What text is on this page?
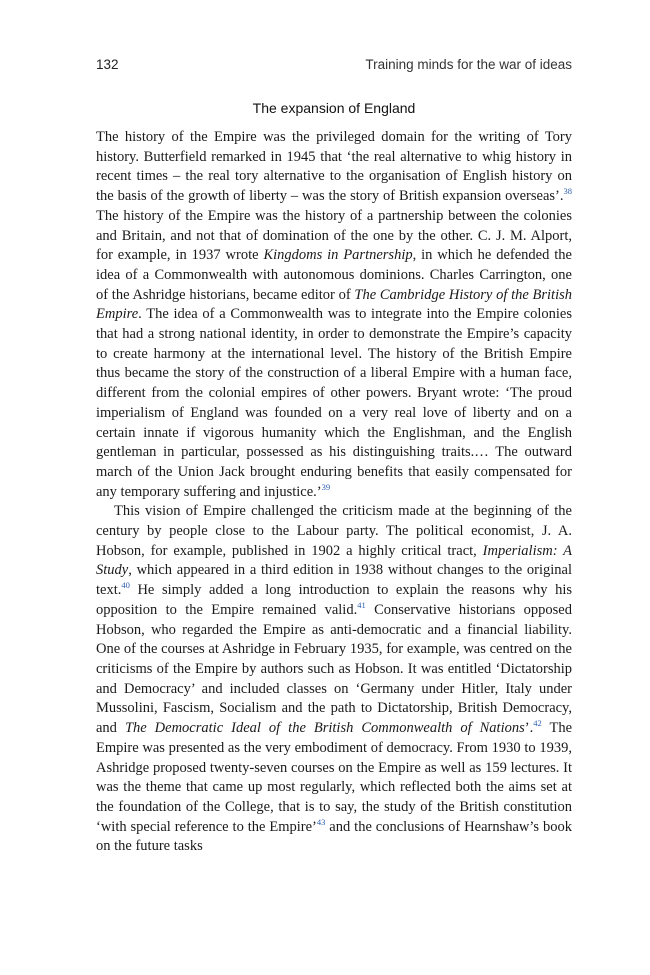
132	Training minds for the war of ideas
The expansion of England

The history of the Empire was the privileged domain for the writing of Tory history. Butterfield remarked in 1945 that ‘the real alternative to whig history in recent times – the real tory alternative to the organisation of English history on the basis of the growth of liberty – was the story of British expansion overseas’.$^{38}$ The history of the Empire was the history of a partnership between the colonies and Britain, and not that of domination of the one by the other. C. J. M. Alport, for example, in 1937 wrote Kingdoms in Partnership, in which he defended the idea of a Commonwealth with autonomous dominions. Charles Carrington, one of the Ashridge historians, became editor of The Cambridge History of the British Empire. The idea of a Commonwealth was to integrate into the Empire colonies that had a strong national identity, in order to demonstrate the Empire’s capacity to create harmony at the international level. The history of the British Empire thus became the story of the construction of a liberal Empire with a human face, different from the colonial empires of other powers. Bryant wrote: ‘The proud imperialism of England was founded on a very real love of liberty and on a certain innate if vigorous humanity which the Englishman, and the English gentleman in particular, possessed as his distinguishing traits.… The outward march of the Union Jack brought enduring benefits that easily compensated for any temporary suffering and injustice.’$^{39}$

This vision of Empire challenged the criticism made at the beginning of the century by people close to the Labour party. The political economist, J. A. Hobson, for example, published in 1902 a highly critical tract, Imperialism: A Study, which appeared in a third edition in 1938 without changes to the original text.$^{40}$ He simply added a long introduction to explain the reasons why his opposition to the Empire remained valid.$^{41}$ Conservative historians opposed Hobson, who regarded the Empire as anti-democratic and a financial liability. One of the courses at Ashridge in February 1935, for example, was centred on the criticisms of the Empire by authors such as Hobson. It was entitled ‘Dictatorship and Democracy’ and included classes on ‘Germany under Hitler, Italy under Mussolini, Fascism, Socialism and the path to Dictatorship, British Democracy, and The Democratic Ideal of the British Commonwealth of Nations’.$^{42}$ The Empire was presented as the very embodiment of democracy. From 1930 to 1939, Ashridge proposed twenty-seven courses on the Empire as well as 159 lectures. It was the theme that came up most regularly, which reflected both the aims set at the foundation of the College, that is to say, the study of the British constitution ‘with special reference to the Empire’$^{43}$ and the conclusions of Hearnshaw’s book on the future tasks
